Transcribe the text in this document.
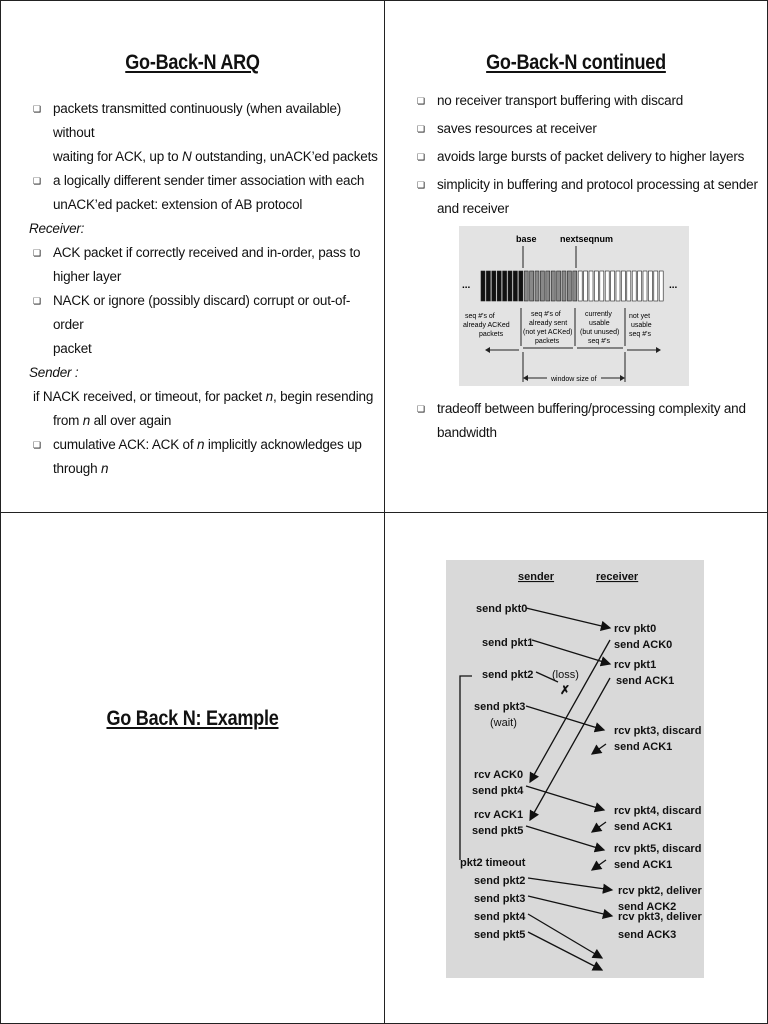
Go-Back-N ARQ
❏ packets transmitted continuously (when available) without
waiting for ACK, up to N outstanding, unACK’ed packets
❏ a logically different sender timer association with each
unACK’ed packet: extension of AB protocol
Receiver:
❏ ACK packet if correctly received and in-order, pass to
higher layer
❏ NACK or ignore (possibly discard) corrupt or out-of-order
packet
Sender :
if NACK received, or timeout, for packet n, begin resending
from n all over again
❏ cumulative ACK: ACK of n implicitly acknowledges up
through n
Go-Back-N continued
❏ no receiver transport buffering with discard
❏ saves resources at receiver
❏ avoids large bursts of packet delivery to higher layers
❏ simplicity in buffering and protocol processing at sender
and receiver
❏ tradeoff between buffering/processing complexity and
bandwidth
base	nextseqnum
...	...
seq #'s of already ACKed packets
seq #'s of already sent (not yet ACKed) packets
currently usable (but unused) seq #'s
not yet usable seq #'s
window size of
Go Back N: Example
sender	receiver
send pkt0
send pkt1
send pkt2 (loss)
✗
send pkt3
(wait)
rcv ACK0
send pkt4
rcv ACK1
send pkt5
pkt2 timeout
send pkt2
send pkt3
send pkt4
send pkt5
rcv pkt0
send ACK0
rcv pkt1
send ACK1
rcv pkt3, discard
send ACK1
rcv pkt4, discard
send ACK1
rcv pkt5, discard
send ACK1
rcv pkt2, deliver
send ACK2
rcv pkt3, deliver
send ACK3
